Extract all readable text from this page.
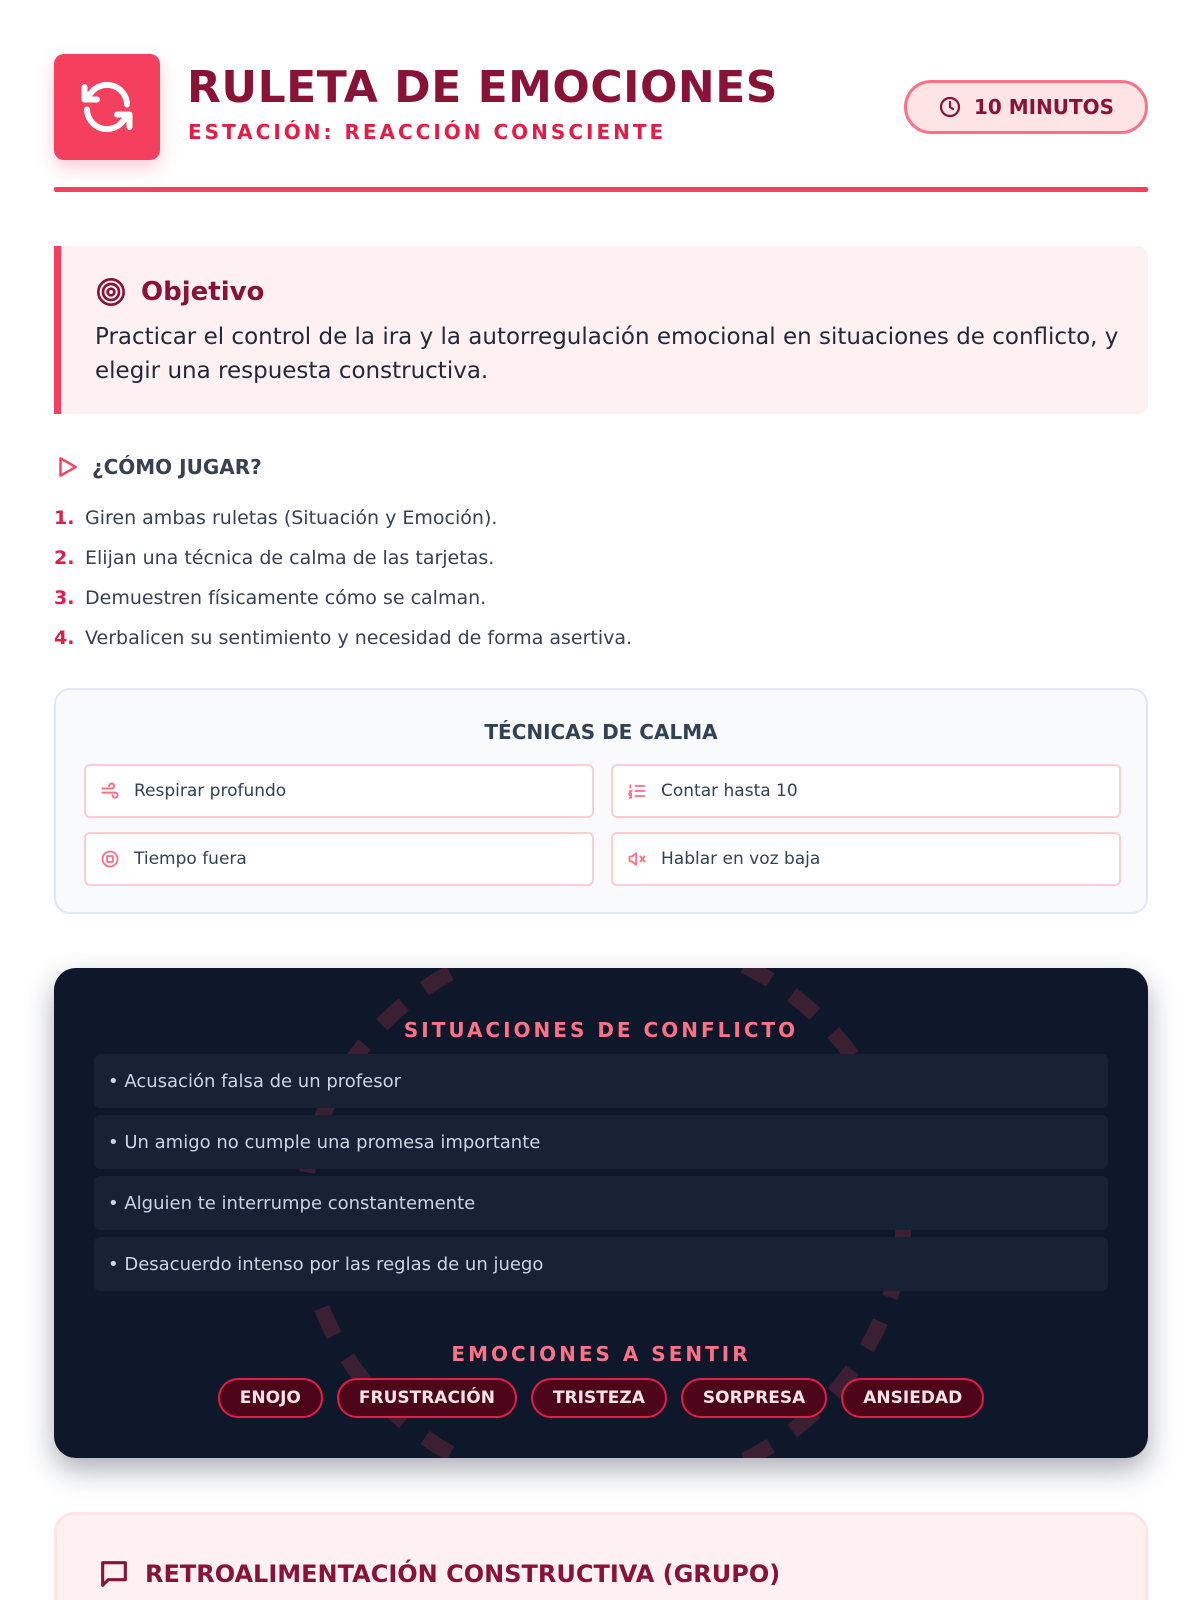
RULETA DE EMOCIONES
ESTACIÓN: REACCIÓN CONSCIENTE
10 MINUTOS
Objetivo
Practicar el control de la ira y la autorregulación emocional en situaciones de conflicto, y elegir una respuesta constructiva.
¿CÓMO JUGAR?
1. Giren ambas ruletas (Situación y Emoción).
2. Elijan una técnica de calma de las tarjetas.
3. Demuestren físicamente cómo se calman.
4. Verbalicen su sentimiento y necesidad de forma asertiva.
TÉCNICAS DE CALMA
Respirar profundo	Contar hasta 10
Tiempo fuera	Hablar en voz baja
SITUACIONES DE CONFLICTO
• Acusación falsa de un profesor
• Un amigo no cumple una promesa importante
• Alguien te interrumpe constantemente
• Desacuerdo intenso por las reglas de un juego
EMOCIONES A SENTIR
ENOJO	FRUSTRACIÓN	TRISTEZA	SORPRESA	ANSIEDAD
RETROALIMENTACIÓN CONSTRUCTIVA (GRUPO)
